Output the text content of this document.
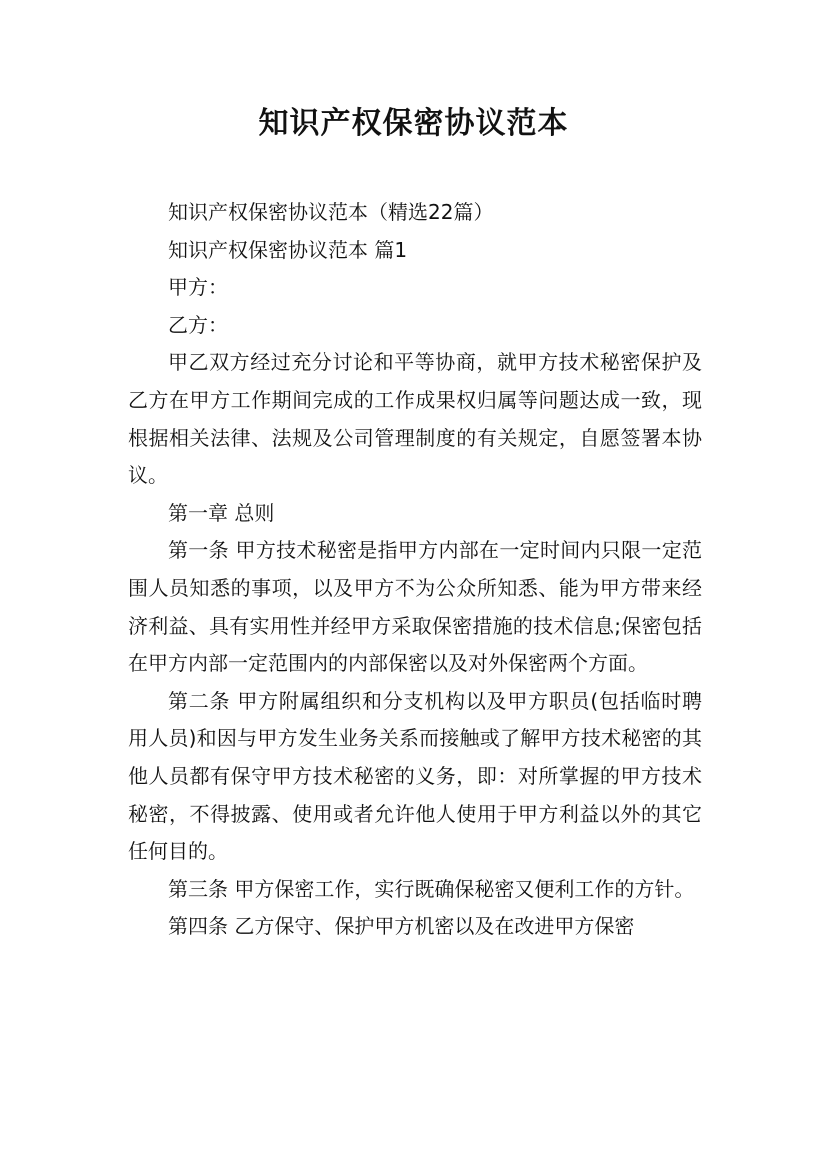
知识产权保密协议范本

知识产权保密协议范本（精选22篇）

知识产权保密协议范本 篇1

甲方：

乙方：

甲乙双方经过充分讨论和平等协商，就甲方技术秘密保护及乙方在甲方工作期间完成的工作成果权归属等问题达成一致，现根据相关法律、法规及公司管理制度的有关规定，自愿签署本协议。

第一章 总则

第一条 甲方技术秘密是指甲方内部在一定时间内只限一定范围人员知悉的事项，以及甲方不为公众所知悉、能为甲方带来经济利益、具有实用性并经甲方采取保密措施的技术信息;保密包括在甲方内部一定范围内的内部保密以及对外保密两个方面。

第二条 甲方附属组织和分支机构以及甲方职员(包括临时聘用人员)和因与甲方发生业务关系而接触或了解甲方技术秘密的其他人员都有保守甲方技术秘密的义务，即：对所掌握的甲方技术秘密，不得披露、使用或者允许他人使用于甲方利益以外的其它任何目的。

第三条 甲方保密工作，实行既确保秘密又便利工作的方针。

第四条 乙方保守、保护甲方机密以及在改进甲方保密
